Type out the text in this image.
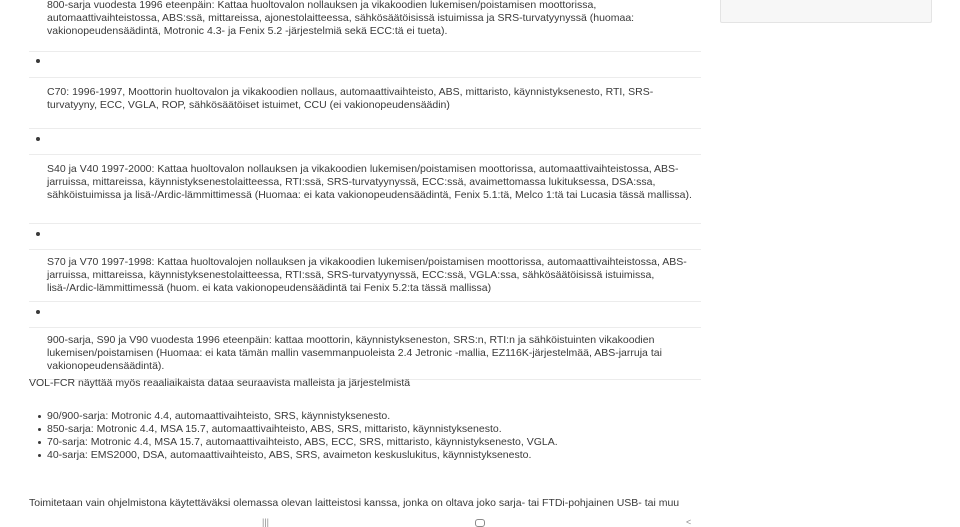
800-sarja vuodesta 1996 eteenpäin: Kattaa huoltovalon nollauksen ja vikakoodien lukemisen/poistamisen moottorissa, automaattivaihteistossa, ABS:ssä, mittareissa, ajonestolaitteessa, sähkösäätöisissä istuimissa ja SRS-turvatyynyssä (huomaa: vakionopeudensäädintä, Motronic 4.3- ja Fenix 5.2 -järjestelmiä sekä ECC:tä ei tueta).

C70: 1996-1997, Moottorin huoltovalon ja vikakoodien nollaus, automaattivaihteisto, ABS, mittaristo, käynnistyksenesto, RTI, SRS-turvatyyny, ECC, VGLA, ROP, sähkösäätöiset istuimet, CCU (ei vakionopeudensäädin)

S40 ja V40 1997-2000: Kattaa huoltovalon nollauksen ja vikakoodien lukemisen/poistamisen moottorissa, automaattivaihteistossa, ABS-jarruissa, mittareissa, käynnistyksenestolaitteessa, RTI:ssä, SRS-turvatyynyssä, ECC:ssä, avaimettomassa lukituksessa, DSA:ssa, sähköistuimissa ja lisä-/Ardic-lämmittimessä (Huomaa: ei kata vakionopeudensäädintä, Fenix 5.1:tä, Melco 1:tä tai Lucasia tässä mallissa).

S70 ja V70 1997-1998: Kattaa huoltovalojen nollauksen ja vikakoodien lukemisen/poistamisen moottorissa, automaattivaihteistossa, ABS-jarruissa, mittareissa, käynnistyksenestolaitteessa, RTI:ssä, SRS-turvatyynyssä, ECC:ssä, VGLA:ssa, sähkösäätöisissä istuimissa, lisä-/Ardic-lämmittimessä (huom. ei kata vakionopeudensäädintä tai Fenix 5.2:ta tässä mallissa)

900-sarja, S90 ja V90 vuodesta 1996 eteenpäin: kattaa moottorin, käynnistyksenesto​n, SRS:n, RTI:n ja sähköistuinten vikakoodien lukemisen/poistamisen (Huomaa: ei kata tämän mallin vasemmanpuoleista 2.4 Jetronic -mallia, EZ116K-järjestelmää, ABS-jarruja tai vakionopeudensäädintä).

VOL-FCR näyttää myös reaaliaikaista dataa seuraavista malleista ja järjestelmistä
90/900-sarja: Motronic 4.4, automaattivaihteisto, SRS, käynnistyksenesto.
850-sarja: Motronic 4.4, MSA 15.7, automaattivaihteisto, ABS, SRS, mittaristo, käynnistyksenesto.
70-sarja: Motronic 4.4, MSA 15.7, automaattivaihteisto, ABS, ECC, SRS, mittaristo, käynnistyksenesto, VGLA.
40-sarja: EMS2000, DSA, automaattivaihteisto, ABS, SRS, avaimeton keskuslukitus, käynnistyksenesto.
Toimitetaan vain ohjelmistona käytettäväksi olemassa olevan laitteistosi kanssa, jonka on oltava joko sarja- tai FTDi-pohjainen USB- tai muu
|||	<
